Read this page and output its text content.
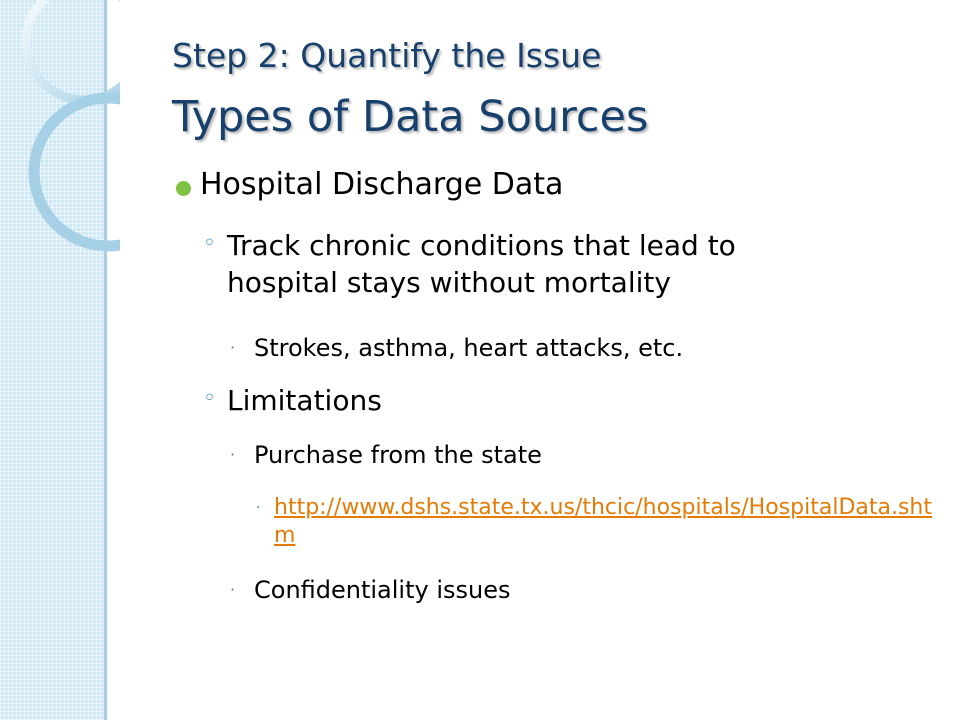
Step 2: Quantify the Issue
Types of Data Sources
Hospital Discharge Data
◦ Track chronic conditions that lead to hospital stays without mortality
· Strokes, asthma, heart attacks, etc.
◦ Limitations
· Purchase from the state
· http://www.dshs.state.tx.us/thcic/hospitals/HospitalData.shtm
· Confidentiality issues
